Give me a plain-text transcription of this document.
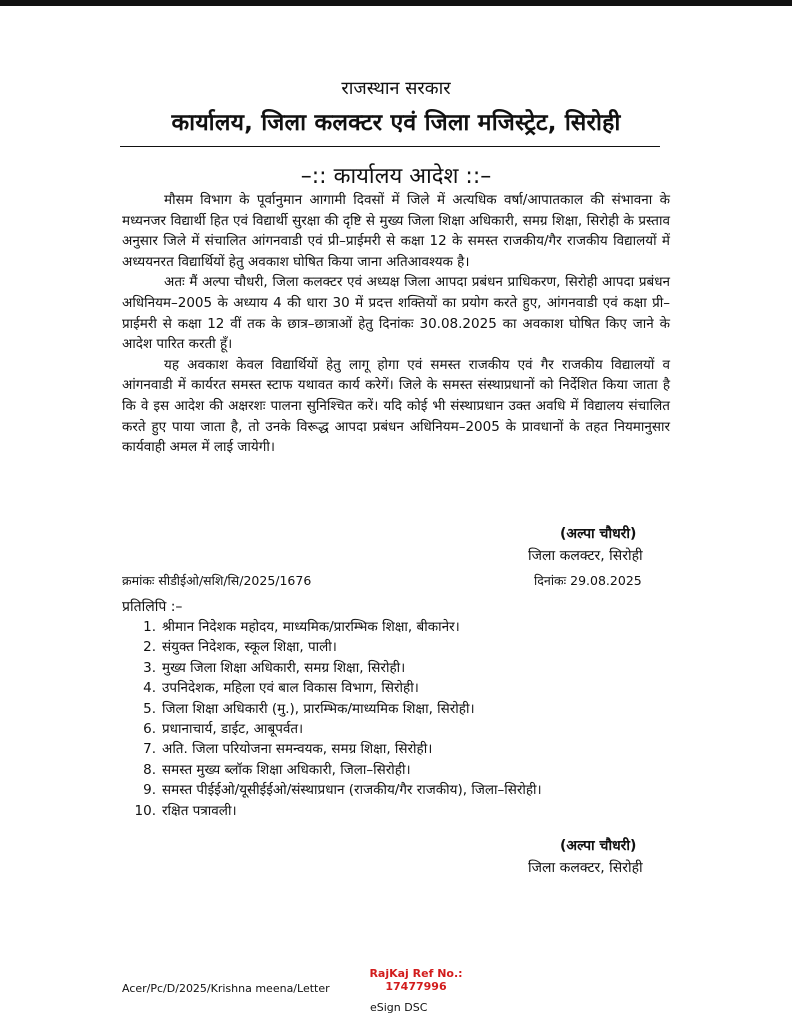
राजस्थान सरकार
कार्यालय, जिला कलक्टर एवं जिला मजिस्ट्रेट, सिरोही
–:: कार्यालय आदेश ::–

मौसम विभाग के पूर्वानुमान आगामी दिवसों में जिले में अत्यधिक वर्षा/आपातकाल की संभावना के मध्यनजर विद्यार्थी हित एवं विद्यार्थी सुरक्षा की दृष्टि से मुख्य जिला शिक्षा अधिकारी, समग्र शिक्षा, सिरोही के प्रस्ताव अनुसार जिले में संचालित आंगनवाडी एवं प्री–प्राईमरी से कक्षा 12 के समस्त राजकीय/गैर राजकीय विद्यालयों में अध्ययनरत विद्यार्थियों हेतु अवकाश घोषित किया जाना अतिआवश्यक है।

अतः मैं अल्पा चौधरी, जिला कलक्टर एवं अध्यक्ष जिला आपदा प्रबंधन प्राधिकरण, सिरोही आपदा प्रबंधन अधिनियम–2005 के अध्याय 4 की धारा 30 में प्रदत्त शक्तियों का प्रयोग करते हुए, आंगनवाडी एवं कक्षा प्री–प्राईमरी से कक्षा 12 वीं तक के छात्र–छात्राओं हेतु दिनांकः 30.08.2025 का अवकाश घोषित किए जाने के आदेश पारित करती हूँ।

यह अवकाश केवल विद्यार्थियों हेतु लागू होगा एवं समस्त राजकीय एवं गैर राजकीय विद्यालयों व आंगनवाडी में कार्यरत समस्त स्टाफ यथावत कार्य करेगें। जिले के समस्त संस्थाप्रधानों को निर्देशित किया जाता है कि वे इस आदेश की अक्षरशः पालना सुनिश्चित करें। यदि कोई भी संस्थाप्रधान उक्त अवधि में विद्यालय संचालित करते हुए पाया जाता है, तो उनके विरूद्ध आपदा प्रबंधन अधिनियम–2005 के प्रावधानों के तहत नियमानुसार कार्यवाही अमल में लाई जायेगी।

(अल्पा चौधरी)
जिला कलक्टर, सिरोही
क्रमांकः सीडीईओ/सशि/सि/2025/1676	दिनांकः 29.08.2025
प्रतिलिपि :–
1. श्रीमान निदेशक महोदय, माध्यमिक/प्रारम्भिक शिक्षा, बीकानेर।
2. संयुक्त निदेशक, स्कूल शिक्षा, पाली।
3. मुख्य जिला शिक्षा अधिकारी, समग्र शिक्षा, सिरोही।
4. उपनिदेशक, महिला एवं बाल विकास विभाग, सिरोही।
5. जिला शिक्षा अधिकारी (मु.), प्रारम्भिक/माध्यमिक शिक्षा, सिरोही।
6. प्रधानाचार्य, डाईट, आबूपर्वत।
7. अति. जिला परियोजना समन्वयक, समग्र शिक्षा, सिरोही।
8. समस्त मुख्य ब्लॉक शिक्षा अधिकारी, जिला–सिरोही।
9. समस्त पीईईओ/यूसीईईओ/संस्थाप्रधान (राजकीय/गैर राजकीय), जिला–सिरोही।
10. रक्षित पत्रावली।
(अल्पा चौधरी)
जिला कलक्टर, सिरोही
Acer/Pc/D/2025/Krishna meena/Letter
RajKaj Ref No.:
17477996
eSign DSC
